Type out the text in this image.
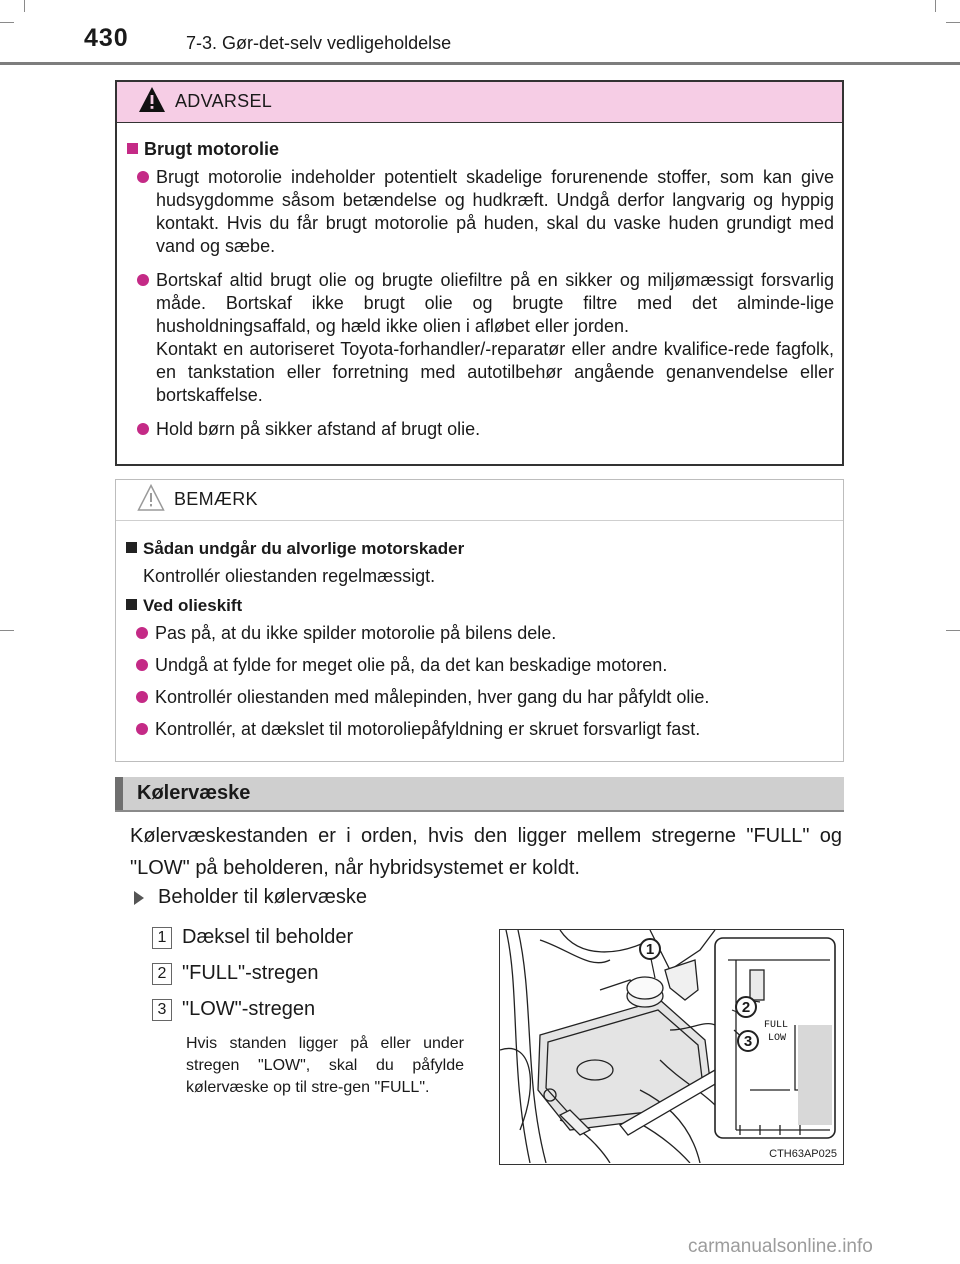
430	7-3. Gør-det-selv vedligeholdelse
ADVARSEL
Brugt motorolie
Brugt motorolie indeholder potentielt skadelige forurenende stoffer, som kan give hudsygdomme såsom betændelse og hudkræft. Undgå derfor langvarig og hyppig kontakt. Hvis du får brugt motorolie på huden, skal du vaske huden grundigt med vand og sæbe.
Bortskaf altid brugt olie og brugte oliefiltre på en sikker og miljømæssigt forsvarlig måde. Bortskaf ikke brugt olie og brugte filtre med det alminde-lige husholdningsaffald, og hæld ikke olien i afløbet eller jorden.
Kontakt en autoriseret Toyota-forhandler/-reparatør eller andre kvalifice-rede fagfolk, en tankstation eller forretning med autotilbehør angående genanvendelse eller bortskaffelse.
Hold børn på sikker afstand af brugt olie.
BEMÆRK
Sådan undgår du alvorlige motorskader
Kontrollér oliestanden regelmæssigt.
Ved olieskift
Pas på, at du ikke spilder motorolie på bilens dele.
Undgå at fylde for meget olie på, da det kan beskadige motoren.
Kontrollér oliestanden med målepinden, hver gang du har påfyldt olie.
Kontrollér, at dækslet til motoroliepåfyldning er skruet forsvarligt fast.
Kølervæske
Kølervæskestanden er i orden, hvis den ligger mellem stregerne "FULL" og "LOW" på beholderen, når hybridsystemet er koldt.
Beholder til kølervæske
1 Dæksel til beholder
2 "FULL"-stregen
3 "LOW"-stregen
Hvis standen ligger på eller under stregen "LOW", skal du påfylde kølervæske op til stre-gen "FULL".
FULL
LOW
1
2
3
CTH63AP025
carmanualsonline.info
